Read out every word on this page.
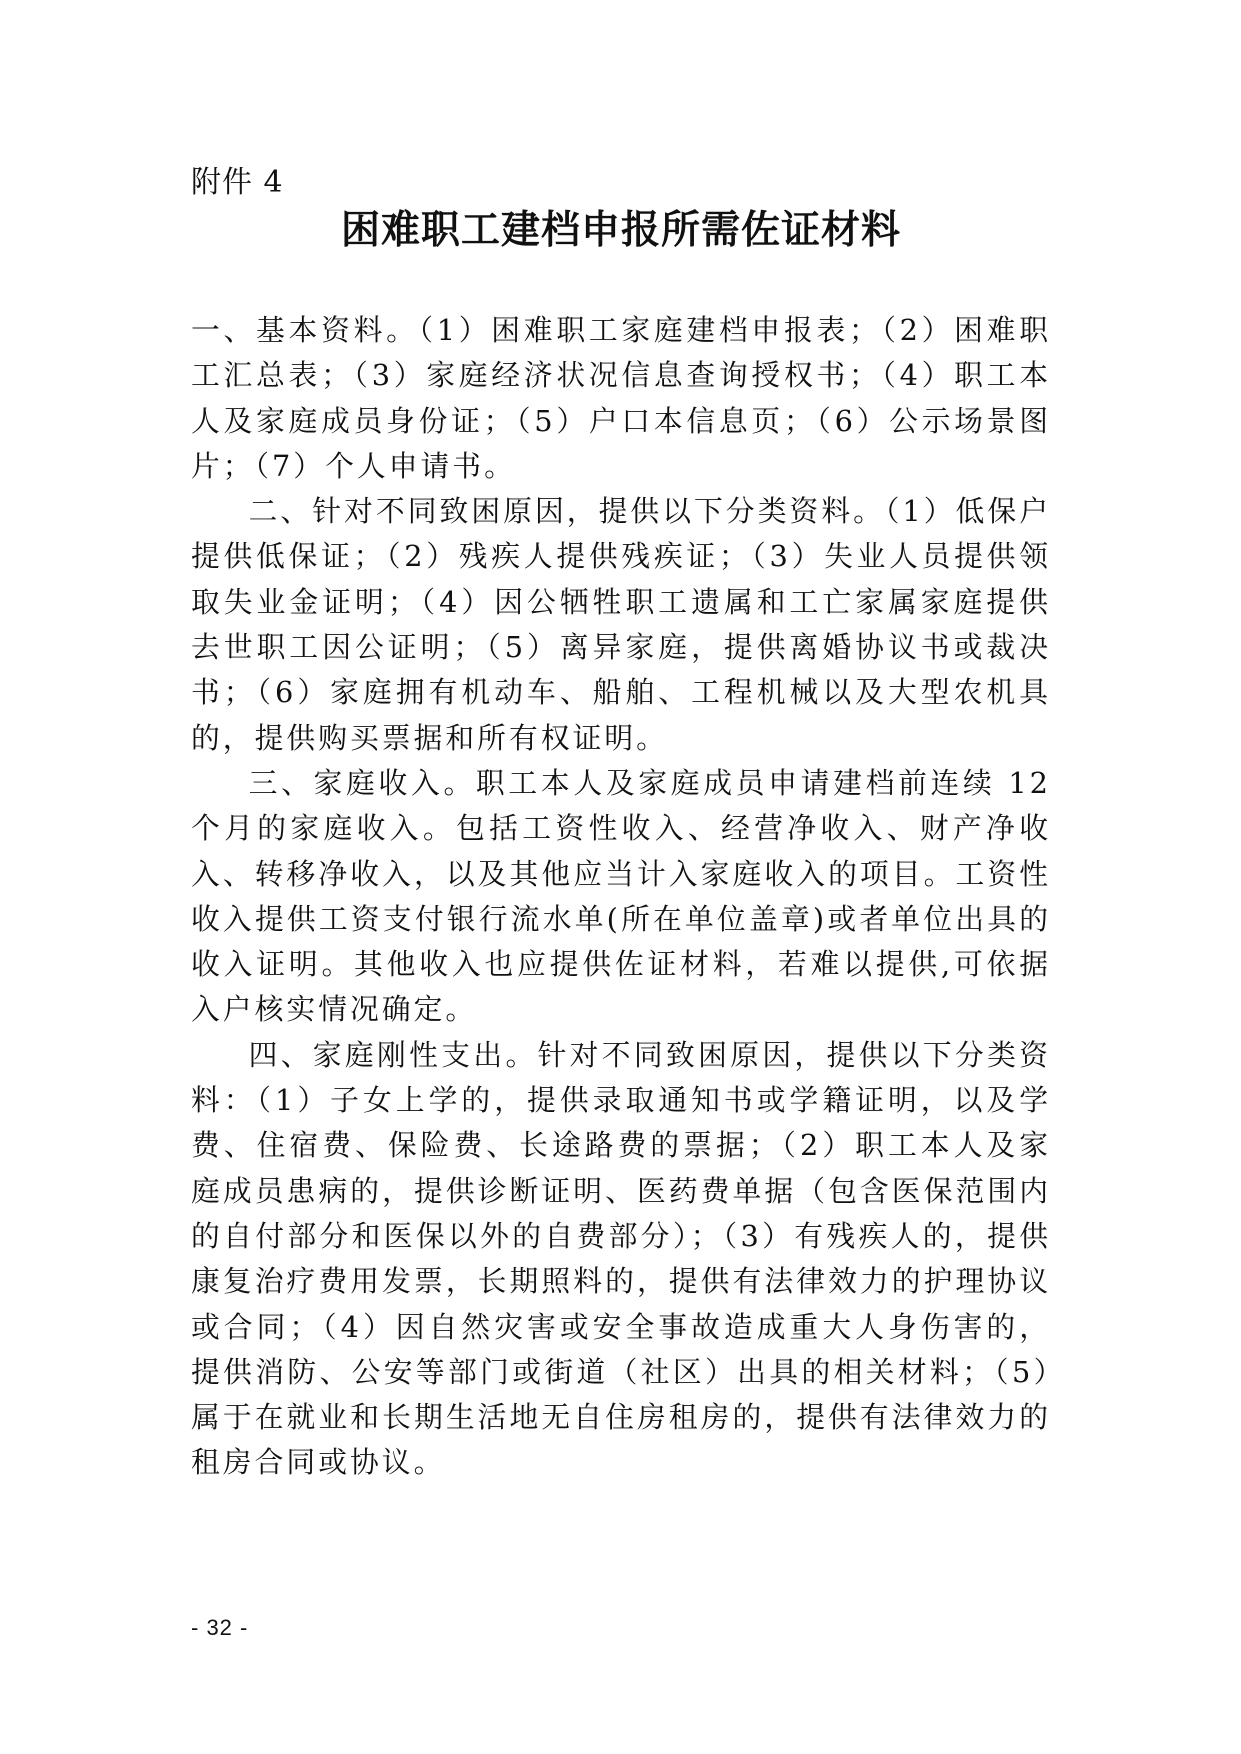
附件 4
困难职工建档申报所需佐证材料

一、基本资料。（1）困难职工家庭建档申报表；（2）困难职工汇总表；（3）家庭经济状况信息查询授权书；（4）职工本人及家庭成员身份证；（5）户口本信息页；（6）公示场景图片；（7）个人申请书。

二、针对不同致困原因，提供以下分类资料。（1）低保户提供低保证；（2）残疾人提供残疾证；（3）失业人员提供领取失业金证明；（4）因公牺牲职工遗属和工亡家属家庭提供去世职工因公证明；（5）离异家庭，提供离婚协议书或裁决书；（6）家庭拥有机动车、船舶、工程机械以及大型农机具的，提供购买票据和所有权证明。

三、家庭收入。职工本人及家庭成员申请建档前连续 12 个月的家庭收入。包括工资性收入、经营净收入、财产净收入、转移净收入，以及其他应当计入家庭收入的项目。工资性收入提供工资支付银行流水单(所在单位盖章)或者单位出具的收入证明。其他收入也应提供佐证材料，若难以提供,可依据入户核实情况确定。

四、家庭刚性支出。针对不同致困原因，提供以下分类资料：（1）子女上学的，提供录取通知书或学籍证明，以及学费、住宿费、保险费、长途路费的票据；（2）职工本人及家庭成员患病的，提供诊断证明、医药费单据（包含医保范围内的自付部分和医保以外的自费部分）；（3）有残疾人的，提供康复治疗费用发票，长期照料的，提供有法律效力的护理协议或合同；（4）因自然灾害或安全事故造成重大人身伤害的，提供消防、公安等部门或街道（社区）出具的相关材料；（5）属于在就业和长期生活地无自住房租房的，提供有法律效力的租房合同或协议。

- 32 -
